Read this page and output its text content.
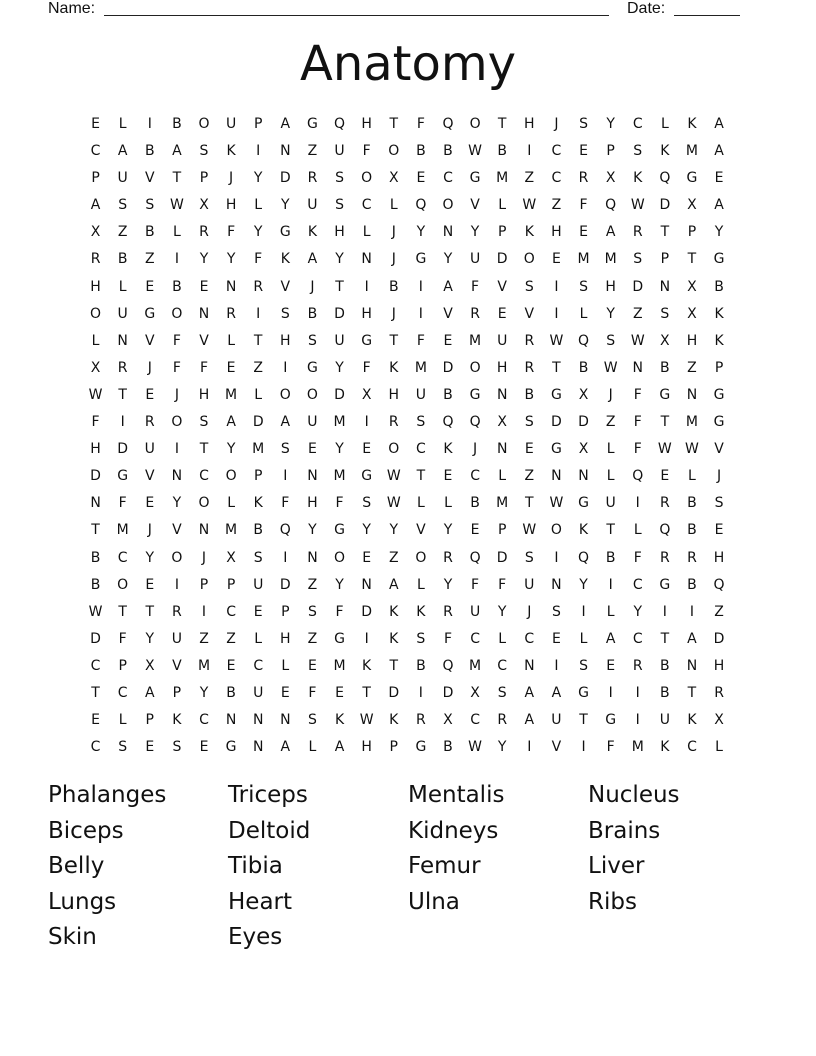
Name:	Date:
Anatomy
E	L	I	B	O	U	P	A	G	Q	H	T	F	Q	O	T	H	J	S	Y	C	L	K	A
C	A	B	A	S	K	I	N	Z	U	F	O	B	B	W	B	I	C	E	P	S	K	M	A
P	U	V	T	P	J	Y	D	R	S	O	X	E	C	G	M	Z	C	R	X	K	Q	G	E
A	S	S	W	X	H	L	Y	U	S	C	L	Q	O	V	L	W	Z	F	Q	W	D	X	A
X	Z	B	L	R	F	Y	G	K	H	L	J	Y	N	Y	P	K	H	E	A	R	T	P	Y
R	B	Z	I	Y	Y	F	K	A	Y	N	J	G	Y	U	D	O	E	M	M	S	P	T	G
H	L	E	B	E	N	R	V	J	T	I	B	I	A	F	V	S	I	S	H	D	N	X	B
O	U	G	O	N	R	I	S	B	D	H	J	I	V	R	E	V	I	L	Y	Z	S	X	K
L	N	V	F	V	L	T	H	S	U	G	T	F	E	M	U	R	W	Q	S	W	X	H	K
X	R	J	F	F	E	Z	I	G	Y	F	K	M	D	O	H	R	T	B	W	N	B	Z	P
W	T	E	J	H	M	L	O	O	D	X	H	U	B	G	N	B	G	X	J	F	G	N	G
F	I	R	O	S	A	D	A	U	M	I	R	S	Q	Q	X	S	D	D	Z	F	T	M	G
H	D	U	I	T	Y	M	S	E	Y	E	O	C	K	J	N	E	G	X	L	F	W W	V
D	G	V	N	C	O	P	I	N	M	G	W	T	E	C	L	Z	N	N	L	Q	E	L	J
N	F	E	Y	O	L	K	F	H	F	S	W	L	L	B	M	T	W	G	U	I	R	B	S
T	M	J	V	N	M	B	Q	Y	G	Y	Y	V	Y	E	P	W	O	K	T	L	Q	B	E
B	C	Y	O	J	X	S	I	N	O	E	Z	O	R	Q	D	S	I	Q	B	F	R	R	H
B	O	E	I	P	P	U	D	Z	Y	N	A	L	Y	F	F	U	N	Y	I	C	G	B	Q
W	T	T	R	I	C	E	P	S	F	D	K	K	R	U	Y	J	S	I	L	Y	I	I	Z
D	F	Y	U	Z	Z	L	H	Z	G	I	K	S	F	C	L	C	E	L	A	C	T	A	D
C	P	X	V	M	E	C	L	E	M	K	T	B	Q	M	C	N	I	S	E	R	B	N	H
T	C	A	P	Y	B	U	E	F	E	T	D	I	D	X	S	A	A	G	I	I	B	T	R
E	L	P	K	C	N	N	N	S	K	W	K	R	X	C	R	A	U	T	G	I	U	K	X
C	S	E	S	E	G	N	A	L	A	H	P	G	B	W	Y	I	V	I	F	M	K	C	L
Phalanges	Triceps	Mentalis	Nucleus
Biceps	Deltoid	Kidneys	Brains
Belly	Tibia	Femur	Liver
Lungs	Heart	Ulna	Ribs
Skin	Eyes
